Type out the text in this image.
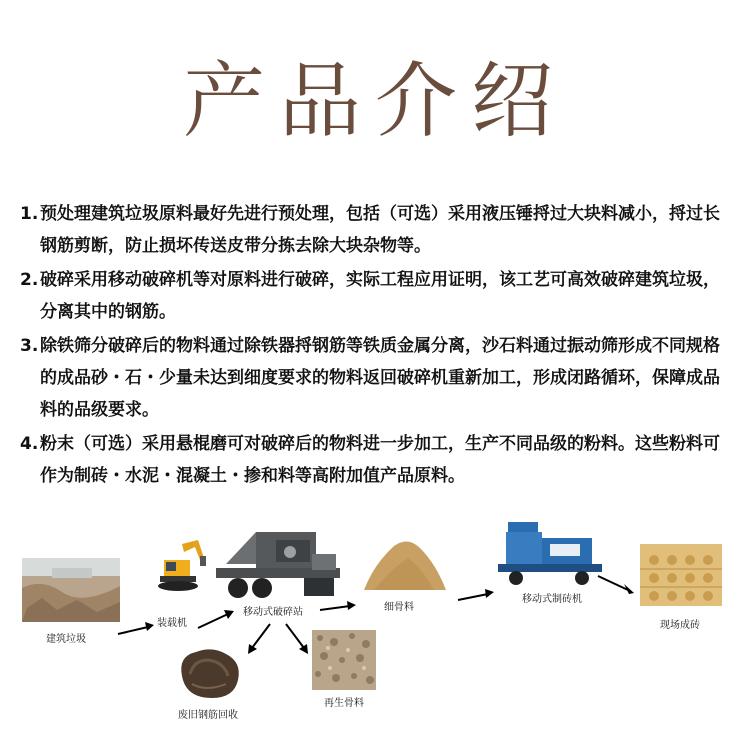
产品介绍
1. 预处理建筑垃圾原料最好先进行预处理，包括（可选）采用液压锤捋过大块料减小，捋过长钢筋剪断，防止损坏传送皮带分拣去除大块杂物等。
2. 破碎采用移动破碎机等对原料进行破碎，实际工程应用证明，该工艺可高效破碎建筑垃圾，分离其中的钢筋。
3. 除铁筛分破碎后的物料通过除铁器捋钢筋等铁质金属分离，沙石料通过振动筛形成不同规格的成品砂・石・少量未达到细度要求的物料返回破碎机重新加工，形成闭路循环，保障成品料的品级要求。
4. 粉末（可选）采用悬棍磨可对破碎后的物料进一步加工，生产不同品级的粉料。这些粉料可作为制砖・水泥・混凝土・掺和料等高附加值产品原料。
建筑垃圾
装载机
移动式破碎站	细骨料
移动式制砖机
现场成砖
废旧钢筋回收
再生骨料
